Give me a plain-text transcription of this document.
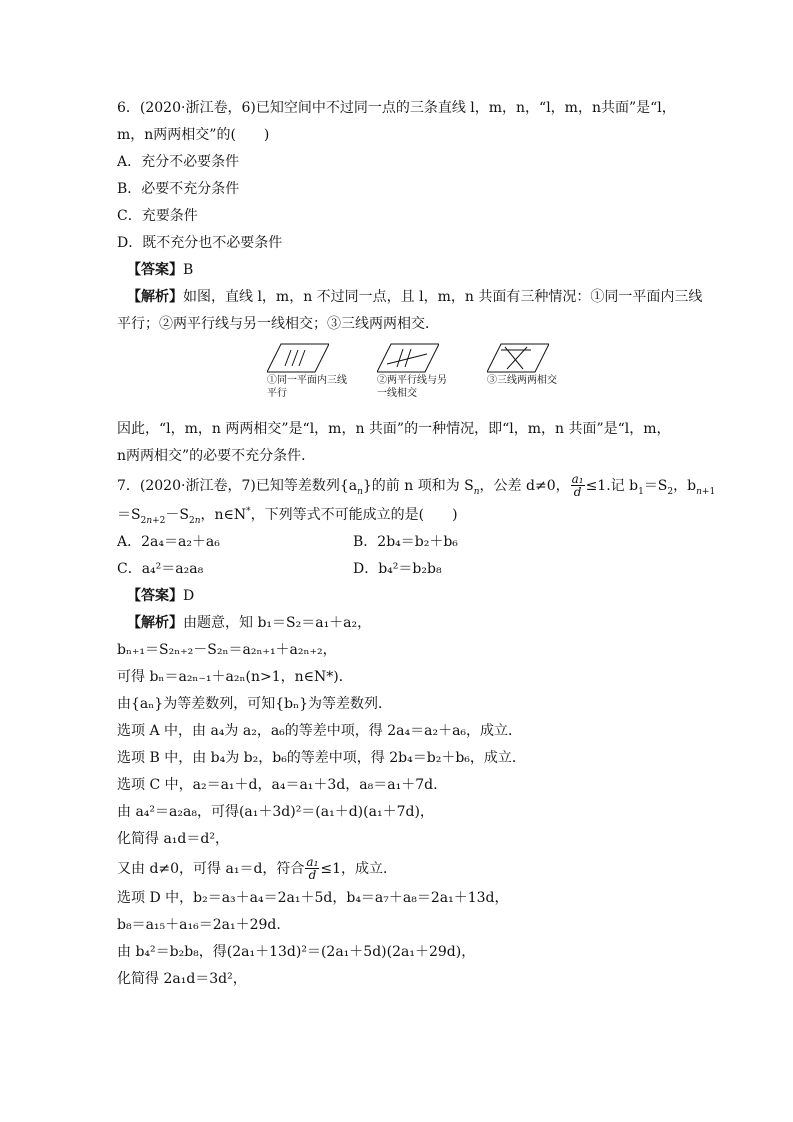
6．(2020·浙江卷，6)已知空间中不过同一点的三条直线 l，m，n，“l，m，n共面”是“l，
m，n两两相交”的(　　)
A．充分不必要条件
B．必要不充分条件
C．充要条件
D．既不充分也不必要条件
【答案】B
【解析】如图，直线 l，m，n 不过同一点，且 l，m，n 共面有三种情况：①同一平面内三线
平行；②两平行线与另一线相交；③三线两两相交．
①同一平面内三线平行
②两平行线与另一线相交
③三线两两相交
因此，“l，m，n 两两相交”是“l，m，n 共面”的一种情况，即“l，m，n 共面”是“l，m，
n两两相交”的必要不充分条件．
7．(2020·浙江卷，7)已知等差数列$\{a_n\}$的前 n 项和为 $S_n$，公差 d≠0， $\frac{\text{a₁}}{d} \le 1$.记 $b_1=S_2$，$b_{n+1}$
$=S_{2n+2}-S_{2n}$，n∈N*，下列等式不可能成立的是(　　)
A．2a₄＝a₂＋a₆	B．2b₄＝b₂＋b₆
C．a₄²＝a₂a₈	D．b₄²＝b₂b₈
【答案】D
【解析】由题意，知 b₁＝S₂＝a₁＋a₂，
bₙ₊₁＝S₂ₙ₊₂－S₂ₙ＝a₂ₙ₊₁＋a₂ₙ₊₂，
可得 bₙ＝a₂ₙ₋₁＋a₂ₙ(n>1，n∈N*)．
由{aₙ}为等差数列，可知{bₙ}为等差数列．
选项 A 中，由 a₄为 a₂，a₆的等差中项，得 2a₄＝a₂＋a₆，成立．
选项 B 中，由 b₄为 b₂，b₆的等差中项，得 2b₄＝b₂＋b₆，成立．
选项 C 中，a₂＝a₁＋d，a₄＝a₁＋3d，a₈＝a₁＋7d.
由 a₄²＝a₂a₈，可得(a₁＋3d)²＝(a₁＋d)(a₁＋7d)，
化简得 a₁d＝d²，
又由 d≠0，可得 a₁＝d，符合 $\frac{\text{a₁}}{d} \le 1$，成立．
选项 D 中，b₂＝a₃＋a₄＝2a₁＋5d，b₄＝a₇＋a₈＝2a₁＋13d，
b₈＝a₁₅＋a₁₆＝2a₁＋29d.
由 b₄²＝b₂b₈，得(2a₁＋13d)²＝(2a₁＋5d)(2a₁＋29d)，
化简得 2a₁d＝3d²，
